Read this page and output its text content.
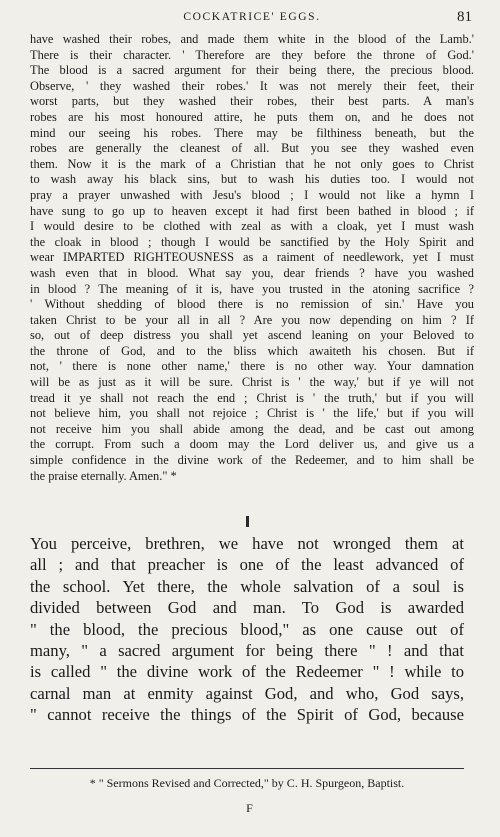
COCKATRICE' EGGS.	81
have washed their robes, and made them white in the blood of the Lamb.'
There is their character. ' Therefore are they before the throne of God.'
The blood is a sacred argument for their being there, the precious blood.
Observe, ' they washed their robes.' It was not merely their feet, their
worst parts, but they washed their robes, their best parts. A man's
robes are his most honoured attire, he puts them on, and he does not
mind our seeing his robes. There may be filthiness beneath, but the
robes are generally the cleanest of all. But you see they washed even
them. Now it is the mark of a Christian that he not only goes to Christ
to wash away his black sins, but to wash his duties too. I would not
pray a prayer unwashed with Jesu's blood ; I would not like a hymn I
have sung to go up to heaven except it had first been bathed in blood ; if
I would desire to be clothed with zeal as with a cloak, yet I must wash
the cloak in blood ; though I would be sanctified by the Holy Spirit and
wear IMPARTED RIGHTEOUSNESS as a raiment of needlework, yet I must
wash even that in blood. What say you, dear friends ? have you washed
in blood ? The meaning of it is, have you trusted in the atoning sacrifice ?
' Without shedding of blood there is no remission of sin.' Have you
taken Christ to be your all in all ? Are you now depending on him ? If
so, out of deep distress you shall yet ascend leaning on your Beloved to
the throne of God, and to the bliss which awaiteth his chosen. But if
not, ' there is none other name,' there is no other way. Your damnation
will be as just as it will be sure. Christ is ' the way,' but if ye will not
tread it ye shall not reach the end ; Christ is ' the truth,' but if you will
not believe him, you shall not rejoice ; Christ is ' the life,' but if you will
not receive him you shall abide among the dead, and be cast out among
the corrupt. From such a doom may the Lord deliver us, and give us a
simple confidence in the divine work of the Redeemer, and to him shall be
the praise eternally. Amen." *
You perceive, brethren, we have not wronged them at
all ; and that preacher is one of the least advanced of
the school. Yet there, the whole salvation of a soul is
divided between God and man. To God is awarded
" the blood, the precious blood," as one cause out of
many, " a sacred argument for being there " ! and that
is called " the divine work of the Redeemer " ! while to
carnal man at enmity against God, and who, God says,
" cannot receive the things of the Spirit of God, because
* " Sermons Revised and Corrected," by C. H. Spurgeon, Baptist.
F
